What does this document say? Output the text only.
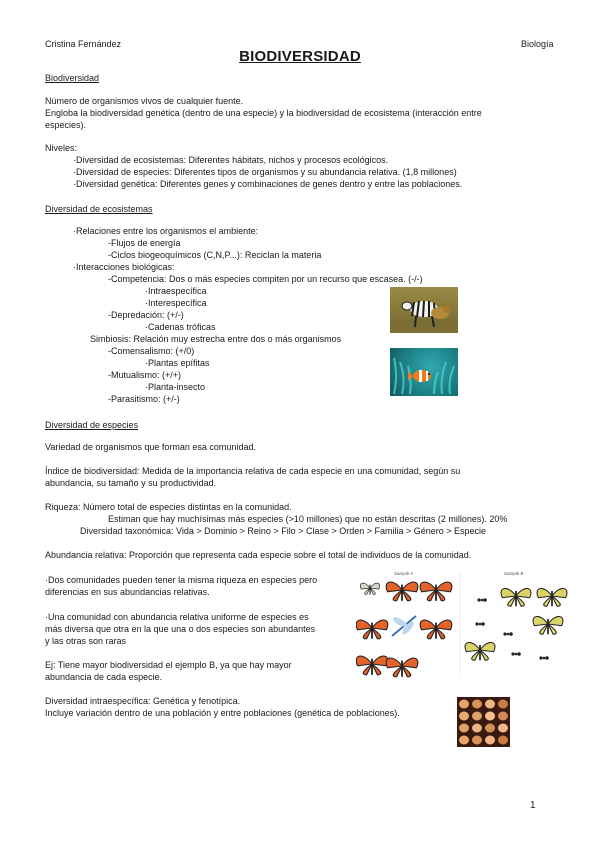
Cristina Fernández	Biología
BIODIVERSIDAD
Biodiversidad
Número de organismos vivos de cualquier fuente.
Engloba la biodiversidad genética (dentro de una especie) y la biodiversidad de ecosistema (interacción entre
especies).
Niveles:
·Diversidad de ecosistemas: Diferentes hábitats, nichos y procesos ecológicos.
·Diversidad de especies: Diferentes tipos de organismos y su abundancia relativa. (1,8 millones)
·Diversidad genética: Diferentes genes y combinaciones de genes dentro y entre las poblaciones.
Diversidad de ecosistemas
·Relaciones entre los organismos el ambiente:
-Flujos de energía
-Ciclos biogeoquímicos (C,N,P...): Reciclan la materia
·Interacciones biológicas:
-Competencia: Dos o más especies compiten por un recurso que escasea. (-/-)
·Intraespecífica
·Interespecífica
-Depredación: (+/-)
·Cadenas tróficas
Simbiosis: Relación muy estrecha entre dos o más organismos
-Comensalismo: (+/0)
·Plantas epífitas
-Mutualismo: (+/+)
·Planta-insecto
-Parasitismo: (+/-)
Diversidad de especies
Variedad de organismos que forman esa comunidad.
Índice de biodiversidad: Medida de la importancia relativa de cada especie en una comunidad, según su
abundancia, su tamaño y su productividad.
Riqueza: Número total de especies distintas en la comunidad.
Estiman que hay muchísimas más especies (>10 millones) que no están descritas (2 millones). 20%
Diversidad taxonómica: Vida > Dominio > Reino > Filo > Clase > Orden > Familia > Género > Especie
Abundancia relativa: Proporción que representa cada especie sobre el total de individuos de la comunidad.
·Dos comunidades pueden tener la misma riqueza en especies pero
diferencias en sus abundancias relativas.
·Una comunidad con abundancia relativa uniforme de especies es
más diversa que otra en la que una o dos especies son abundantes
y las otras son raras
Ej: Tiene mayor biodiversidad el ejemplo B, ya que hay mayor
abundancia de cada especie.
Sample A	Sample B
Diversidad intraespecífica: Genética y fenotípica.
Incluye variación dentro de una población y entre poblaciones (genética de poblaciones).
1
